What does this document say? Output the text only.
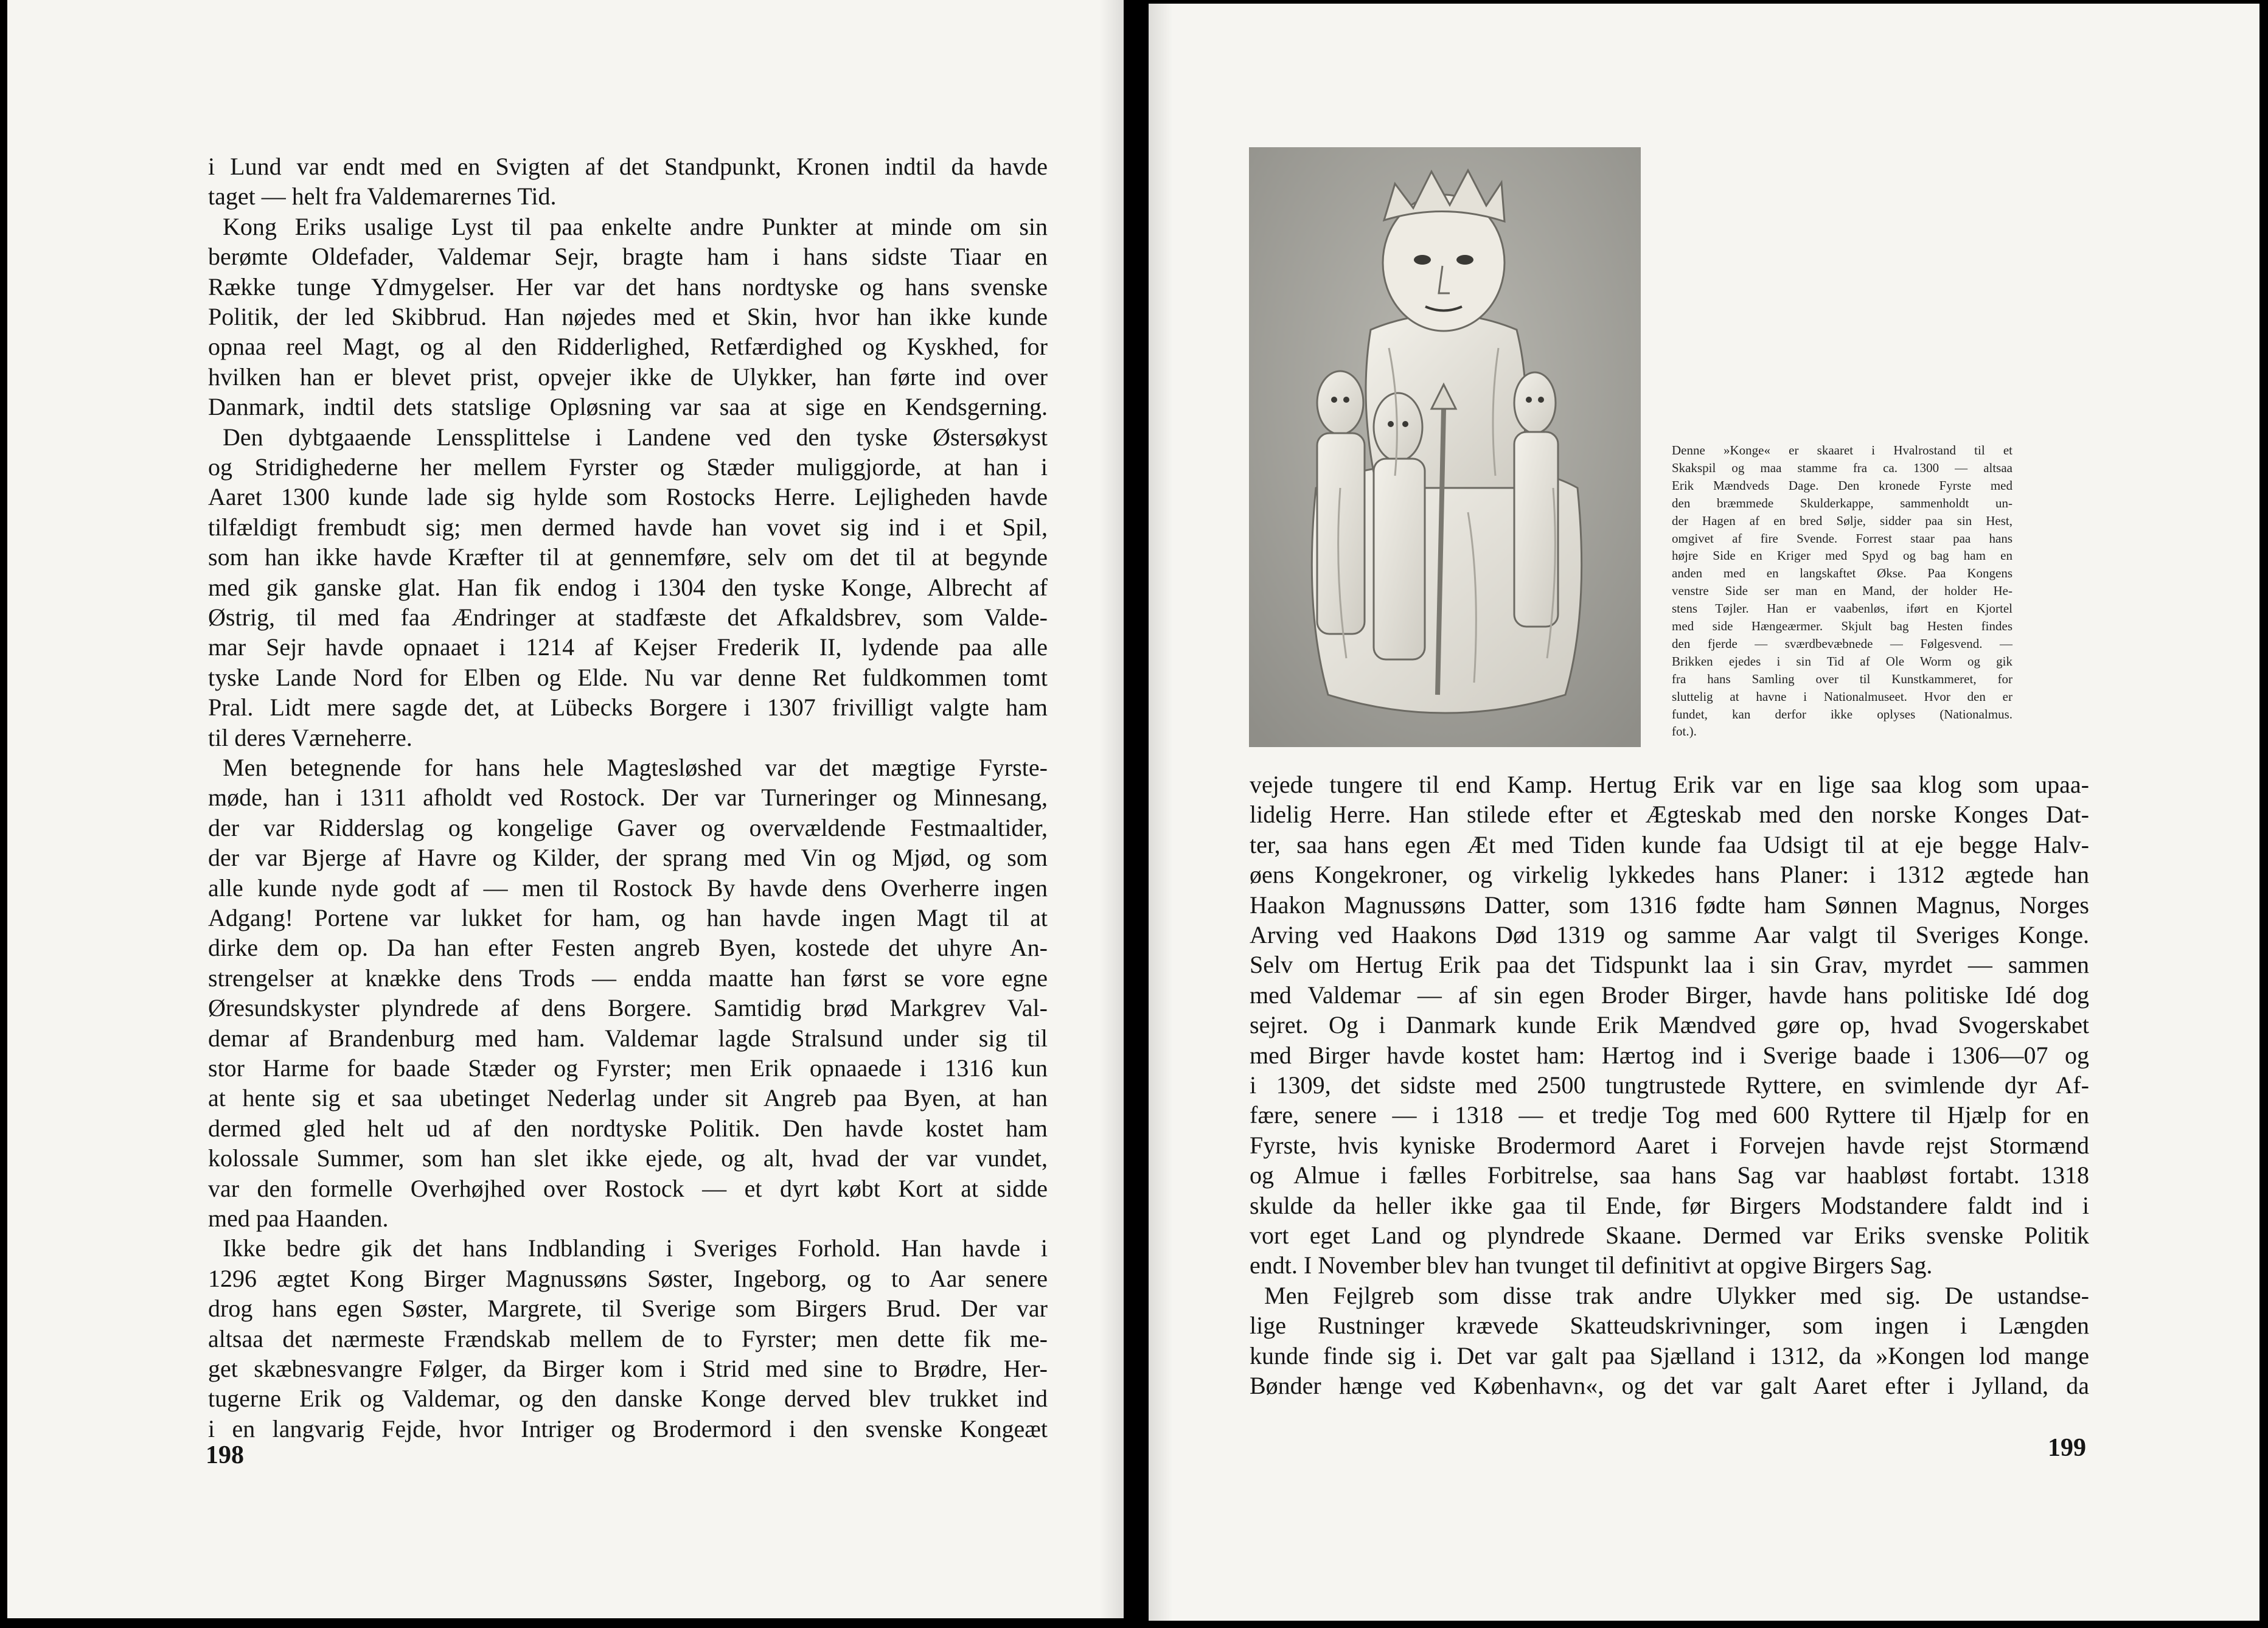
i Lund var endt med en Svigten af det Standpunkt, Kronen indtil da havde

taget — helt fra Valdemarernes Tid.

Kong Eriks usalige Lyst til paa enkelte andre Punkter at minde om sin

berømte Oldefader, Valdemar Sejr, bragte ham i hans sidste Tiaar en

Række tunge Ydmygelser. Her var det hans nordtyske og hans svenske

Politik, der led Skibbrud. Han nøjedes med et Skin, hvor han ikke kunde

opnaa reel Magt, og al den Ridderlighed, Retfærdighed og Kyskhed, for

hvilken han er blevet prist, opvejer ikke de Ulykker, han førte ind over

Danmark, indtil dets statslige Opløsning var saa at sige en Kendsgerning.

Den dybtgaaende Lenssplittelse i Landene ved den tyske Østersøkyst

og Stridighederne her mellem Fyrster og Stæder muliggjorde, at han i

Aaret 1300 kunde lade sig hylde som Rostocks Herre. Lejligheden havde

tilfældigt frembudt sig; men dermed havde han vovet sig ind i et Spil,

som han ikke havde Kræfter til at gennemføre, selv om det til at begynde

med gik ganske glat. Han fik endog i 1304 den tyske Konge, Albrecht af

Østrig, til med faa Ændringer at stadfæste det Afkaldsbrev, som Valde-

mar Sejr havde opnaaet i 1214 af Kejser Frederik II, lydende paa alle

tyske Lande Nord for Elben og Elde. Nu var denne Ret fuldkommen tomt

Pral. Lidt mere sagde det, at Lübecks Borgere i 1307 frivilligt valgte ham

til deres Værneherre.

Men betegnende for hans hele Magtesløshed var det mægtige Fyrste-

møde, han i 1311 afholdt ved Rostock. Der var Turneringer og Minnesang,

der var Ridderslag og kongelige Gaver og overvældende Festmaaltider,

der var Bjerge af Havre og Kilder, der sprang med Vin og Mjød, og som

alle kunde nyde godt af — men til Rostock By havde dens Overherre ingen

Adgang! Portene var lukket for ham, og han havde ingen Magt til at

dirke dem op. Da han efter Festen angreb Byen, kostede det uhyre An-

strengelser at knække dens Trods — endda maatte han først se vore egne

Øresundskyster plyndrede af dens Borgere. Samtidig brød Markgrev Val-

demar af Brandenburg med ham. Valdemar lagde Stralsund under sig til

stor Harme for baade Stæder og Fyrster; men Erik opnaaede i 1316 kun

at hente sig et saa ubetinget Nederlag under sit Angreb paa Byen, at han

dermed gled helt ud af den nordtyske Politik. Den havde kostet ham

kolossale Summer, som han slet ikke ejede, og alt, hvad der var vundet,

var den formelle Overhøjhed over Rostock — et dyrt købt Kort at sidde

med paa Haanden.

Ikke bedre gik det hans Indblanding i Sveriges Forhold. Han havde i

1296 ægtet Kong Birger Magnussøns Søster, Ingeborg, og to Aar senere

drog hans egen Søster, Margrete, til Sverige som Birgers Brud. Der var

altsaa det nærmeste Frændskab mellem de to Fyrster; men dette fik me-

get skæbnesvangre Følger, da Birger kom i Strid med sine to Brødre, Her-

tugerne Erik og Valdemar, og den danske Konge derved blev trukket ind

i en langvarig Fejde, hvor Intriger og Brodermord i den svenske Kongeæt

198

Denne »Konge« er skaaret i Hvalrostand til et

Skakspil og maa stamme fra ca. 1300 — altsaa

Erik Mændveds Dage. Den kronede Fyrste med

den bræmmede Skulderkappe, sammenholdt un-

der Hagen af en bred Sølje, sidder paa sin Hest,

omgivet af fire Svende. Forrest staar paa hans

højre Side en Kriger med Spyd og bag ham en

anden med en langskaftet Økse. Paa Kongens

venstre Side ser man en Mand, der holder He-

stens Tøjler. Han er vaabenløs, iført en Kjortel

med side Hængeærmer. Skjult bag Hesten findes

den fjerde — sværdbevæbnede — Følgesvend. —

Brikken ejedes i sin Tid af Ole Worm og gik

fra hans Samling over til Kunstkammeret, for

sluttelig at havne i Nationalmuseet. Hvor den er

fundet, kan derfor ikke oplyses (Nationalmus.

fot.).

vejede tungere til end Kamp. Hertug Erik var en lige saa klog som upaa-

lidelig Herre. Han stilede efter et Ægteskab med den norske Konges Dat-

ter, saa hans egen Æt med Tiden kunde faa Udsigt til at eje begge Halv-

øens Kongekroner, og virkelig lykkedes hans Planer: i 1312 ægtede han

Haakon Magnussøns Datter, som 1316 fødte ham Sønnen Magnus, Norges

Arving ved Haakons Død 1319 og samme Aar valgt til Sveriges Konge.

Selv om Hertug Erik paa det Tidspunkt laa i sin Grav, myrdet — sammen

med Valdemar — af sin egen Broder Birger, havde hans politiske Idé dog

sejret. Og i Danmark kunde Erik Mændved gøre op, hvad Svogerskabet

med Birger havde kostet ham: Hærtog ind i Sverige baade i 1306—07 og

i 1309, det sidste med 2500 tungtrustede Ryttere, en svimlende dyr Af-

fære, senere — i 1318 — et tredje Tog med 600 Ryttere til Hjælp for en

Fyrste, hvis kyniske Brodermord Aaret i Forvejen havde rejst Stormænd

og Almue i fælles Forbitrelse, saa hans Sag var haabløst fortabt. 1318

skulde da heller ikke gaa til Ende, før Birgers Modstandere faldt ind i

vort eget Land og plyndrede Skaane. Dermed var Eriks svenske Politik

endt. I November blev han tvunget til definitivt at opgive Birgers Sag.

Men Fejlgreb som disse trak andre Ulykker med sig. De ustandse-

lige Rustninger krævede Skatteudskrivninger, som ingen i Længden

kunde finde sig i. Det var galt paa Sjælland i 1312, da »Kongen lod mange

Bønder hænge ved København«, og det var galt Aaret efter i Jylland, da

199
